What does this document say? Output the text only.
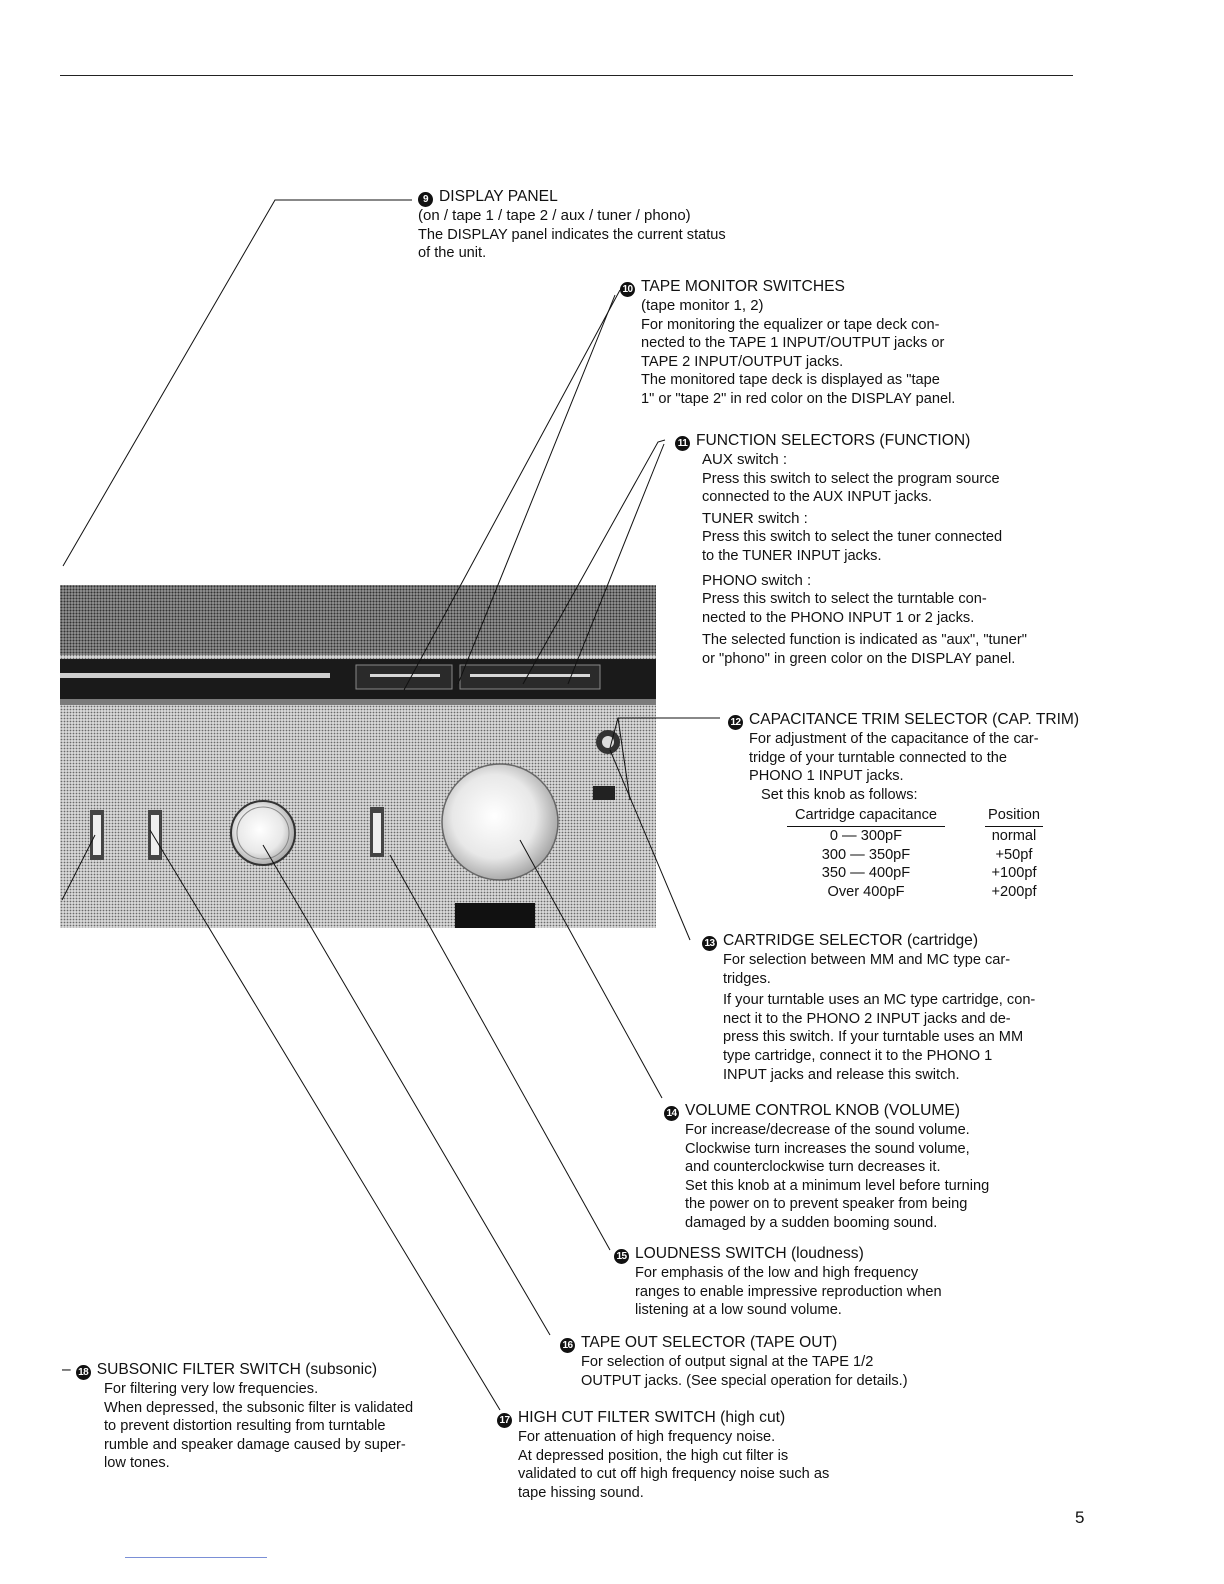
9 DISPLAY PANEL

(on / tape 1 / tape 2 / aux / tuner / phono)

The DISPLAY panel indicates the current status

of the unit.

10 TAPE MONITOR SWITCHES

(tape monitor 1, 2)

For monitoring the equalizer or tape deck con-

nected to the TAPE 1 INPUT/OUTPUT jacks or

TAPE 2 INPUT/OUTPUT jacks.

The monitored tape deck is displayed as "tape

1" or "tape 2" in red color on the DISPLAY panel.

11 FUNCTION SELECTORS (FUNCTION)

AUX switch :

Press this switch to select the program source

connected to the AUX INPUT jacks.

TUNER switch :

Press this switch to select the tuner connected

to the TUNER INPUT jacks.

PHONO switch :

Press this switch to select the turntable con-

nected to the PHONO INPUT 1 or 2 jacks.

The selected function is indicated as "aux", "tuner"

or "phono" in green color on the DISPLAY panel.

12 CAPACITANCE TRIM SELECTOR (CAP. TRIM)

For adjustment of the capacitance of the car-

tridge of your turntable connected to the

PHONO 1 INPUT jacks.

Set this knob as follows:

Cartridge capacitance		Position
0 — 300pF		normal
300 — 350pF		+50pf
350 — 400pF		+100pf
Over 400pF		+200pf

13 CARTRIDGE SELECTOR (cartridge)

For selection between MM and MC type car-

tridges.

If your turntable uses an MC type cartridge, con-

nect it to the PHONO 2 INPUT jacks and de-

press this switch. If your turntable uses an MM

type cartridge, connect it to the PHONO 1

INPUT jacks and release this switch.

14 VOLUME CONTROL KNOB (VOLUME)

For increase/decrease of the sound volume.

Clockwise turn increases the sound volume,

and counterclockwise turn decreases it.

Set this knob at a minimum level before turning

the power on to prevent speaker from being

damaged by a sudden booming sound.

15 LOUDNESS SWITCH (loudness)

For emphasis of the low and high frequency

ranges to enable impressive reproduction when

listening at a low sound volume.

16 TAPE OUT SELECTOR (TAPE OUT)

For selection of output signal at the TAPE 1/2

OUTPUT jacks. (See special operation for details.)

17 HIGH CUT FILTER SWITCH (high cut)

For attenuation of high frequency noise.

At depressed position, the high cut filter is

validated to cut off high frequency noise such as

tape hissing sound.

– 18 SUBSONIC FILTER SWITCH (subsonic)

For filtering very low frequencies.

When depressed, the subsonic filter is validated

to prevent distortion resulting from turntable

rumble and speaker damage caused by super-

low tones.

5
